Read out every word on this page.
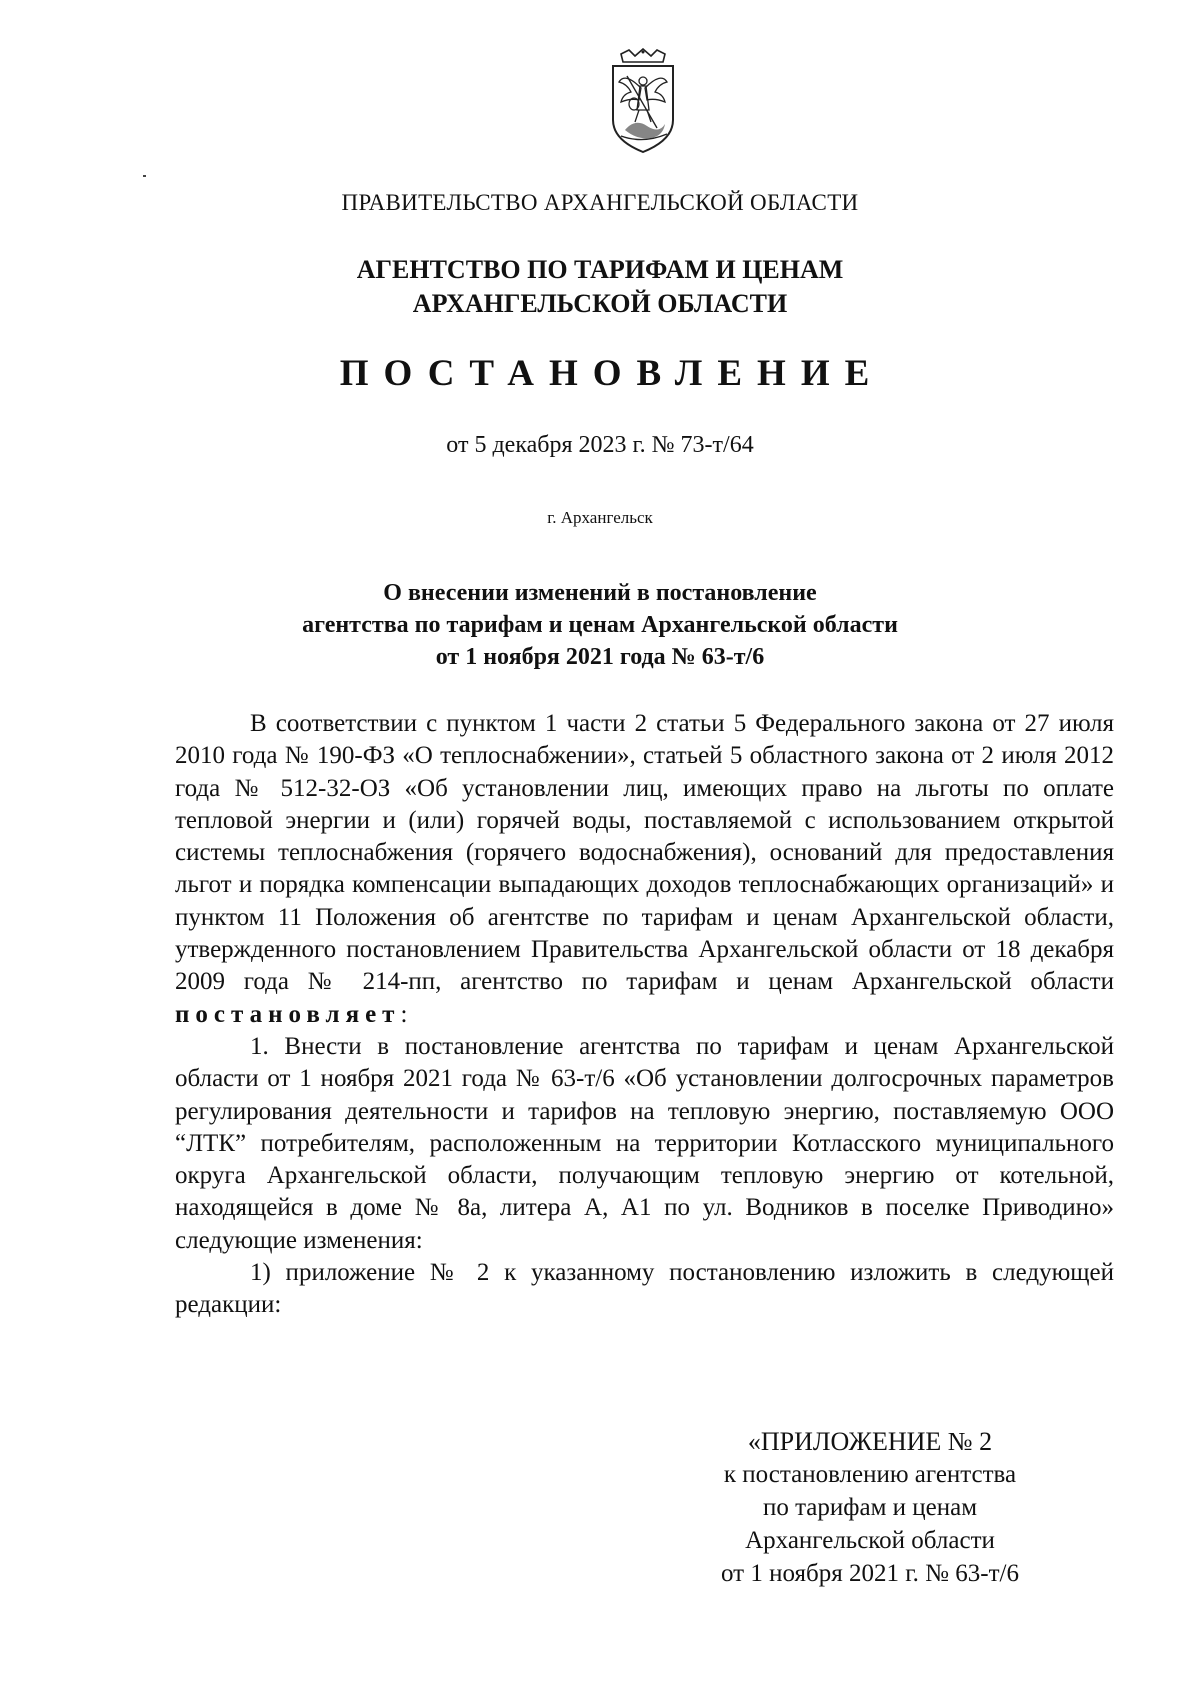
ПРАВИТЕЛЬСТВО АРХАНГЕЛЬСКОЙ ОБЛАСТИ

АГЕНТСТВО ПО ТАРИФАМ И ЦЕНАМ
АРХАНГЕЛЬСКОЙ ОБЛАСТИ

ПОСТАНОВЛЕНИЕ

от 5 декабря 2023 г. № 73-т/64

г. Архангельск

О внесении изменений в постановление
агентства по тарифам и ценам Архангельской области
от 1 ноября 2021 года № 63-т/6

В соответствии с пунктом 1 части 2 статьи 5 Федерального закона от 27 июля 2010 года № 190-ФЗ «О теплоснабжении», статьей 5 областного закона от 2 июля 2012 года № 512-32-ОЗ «Об установлении лиц, имеющих право на льготы по оплате тепловой энергии и (или) горячей воды, поставляемой с использованием открытой системы теплоснабжения (горячего водоснабжения), оснований для предоставления льгот и порядка компенсации выпадающих доходов теплоснабжающих организаций» и пунктом 11 Положения об агентстве по тарифам и ценам Архангельской области, утвержденного постановлением Правительства Архангельской области от 18 декабря 2009 года № 214-пп, агентство по тарифам и ценам Архангельской области постановляет:

1. Внести в постановление агентства по тарифам и ценам Архангельской области от 1 ноября 2021 года № 63-т/6 «Об установлении долгосрочных параметров регулирования деятельности и тарифов на тепловую энергию, поставляемую ООО “ЛТК” потребителям, расположенным на территории Котласского муниципального округа Архангельской области, получающим тепловую энергию от котельной, находящейся в доме № 8а, литера А, А1 по ул. Водников в поселке Приводино» следующие изменения:

1) приложение № 2 к указанному постановлению изложить в следующей редакции:

«ПРИЛОЖЕНИЕ № 2
к постановлению агентства
по тарифам и ценам
Архангельской области
от 1 ноября 2021 г. № 63-т/6
